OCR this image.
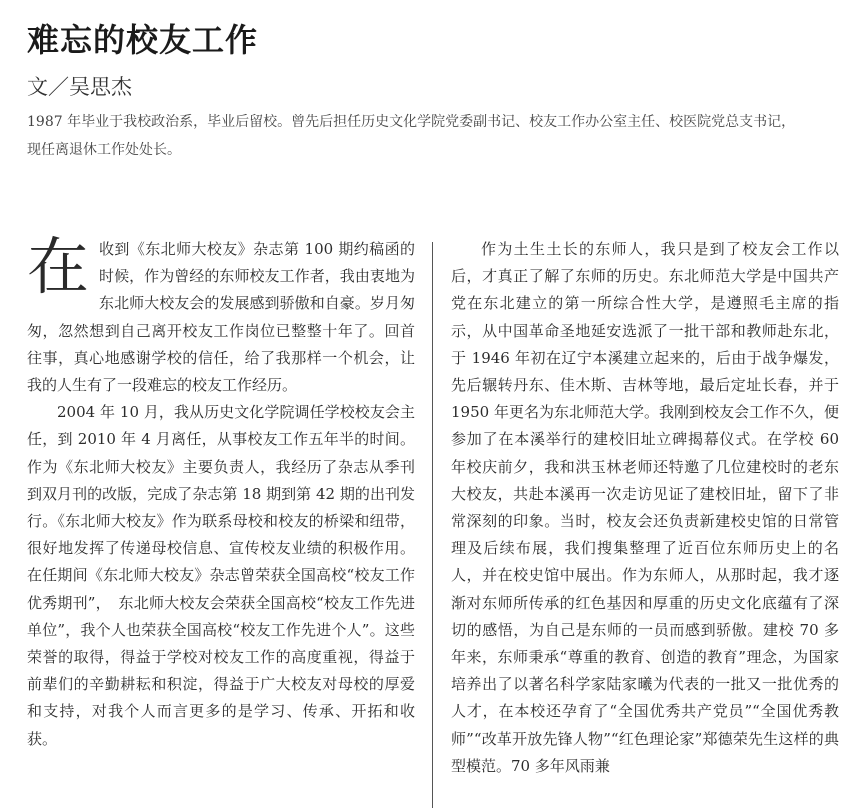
难忘的校友工作
文／吴思杰
1987 年毕业于我校政治系，毕业后留校。曾先后担任历史文化学院党委副书记、校友工作办公室主任、校医院党总支书记，现任离退休工作处处长。

在收到《东北师大校友》杂志第 100 期约稿函的时候，作为曾经的东师校友工作者，我由衷地为东北师大校友会的发展感到骄傲和自豪。岁月匆匆，忽然想到自己离开校友工作岗位已整整十年了。回首往事，真心地感谢学校的信任，给了我那样一个机会，让我的人生有了一段难忘的校友工作经历。

2004 年 10 月，我从历史文化学院调任学校校友会主任，到 2010 年 4 月离任，从事校友工作五年半的时间。作为《东北师大校友》主要负责人，我经历了杂志从季刊到双月刊的改版，完成了杂志第 18 期到第 42 期的出刊发行。《东北师大校友》作为联系母校和校友的桥梁和纽带，很好地发挥了传递母校信息、宣传校友业绩的积极作用。在任期间《东北师大校友》杂志曾荣获全国高校“校友工作优秀期刊”，　东北师大校友会荣获全国高校“校友工作先进单位”，我个人也荣获全国高校“校友工作先进个人”。这些荣誉的取得，得益于学校对校友工作的高度重视，得益于前辈们的辛勤耕耘和积淀，得益于广大校友对母校的厚爱和支持，对我个人而言更多的是学习、传承、开拓和收获。

作为土生土长的东师人，我只是到了校友会工作以后，才真正了解了东师的历史。东北师范大学是中国共产党在东北建立的第一所综合性大学，是遵照毛主席的指示，从中国革命圣地延安选派了一批干部和教师赴东北，于 1946 年初在辽宁本溪建立起来的，后由于战争爆发，先后辗转丹东、佳木斯、吉林等地，最后定址长春，并于 1950 年更名为东北师范大学。我刚到校友会工作不久，便参加了在本溪举行的建校旧址立碑揭幕仪式。在学校 60 年校庆前夕，我和洪玉林老师还特邀了几位建校时的老东大校友，共赴本溪再一次走访见证了建校旧址，留下了非常深刻的印象。当时，校友会还负责新建校史馆的日常管理及后续布展，我们搜集整理了近百位东师历史上的名人，并在校史馆中展出。作为东师人，从那时起，我才逐渐对东师所传承的红色基因和厚重的历史文化底蕴有了深切的感悟，为自己是东师的一员而感到骄傲。建校 70 多年来，东师秉承“尊重的教育、创造的教育”理念，为国家培养出了以著名科学家陆家曦为代表的一批又一批优秀的人才，在本校还孕育了“全国优秀共产党员”“全国优秀教师”“改革开放先锋人物”“红色理论家”郑德荣先生这样的典型模范。70 多年风雨兼
